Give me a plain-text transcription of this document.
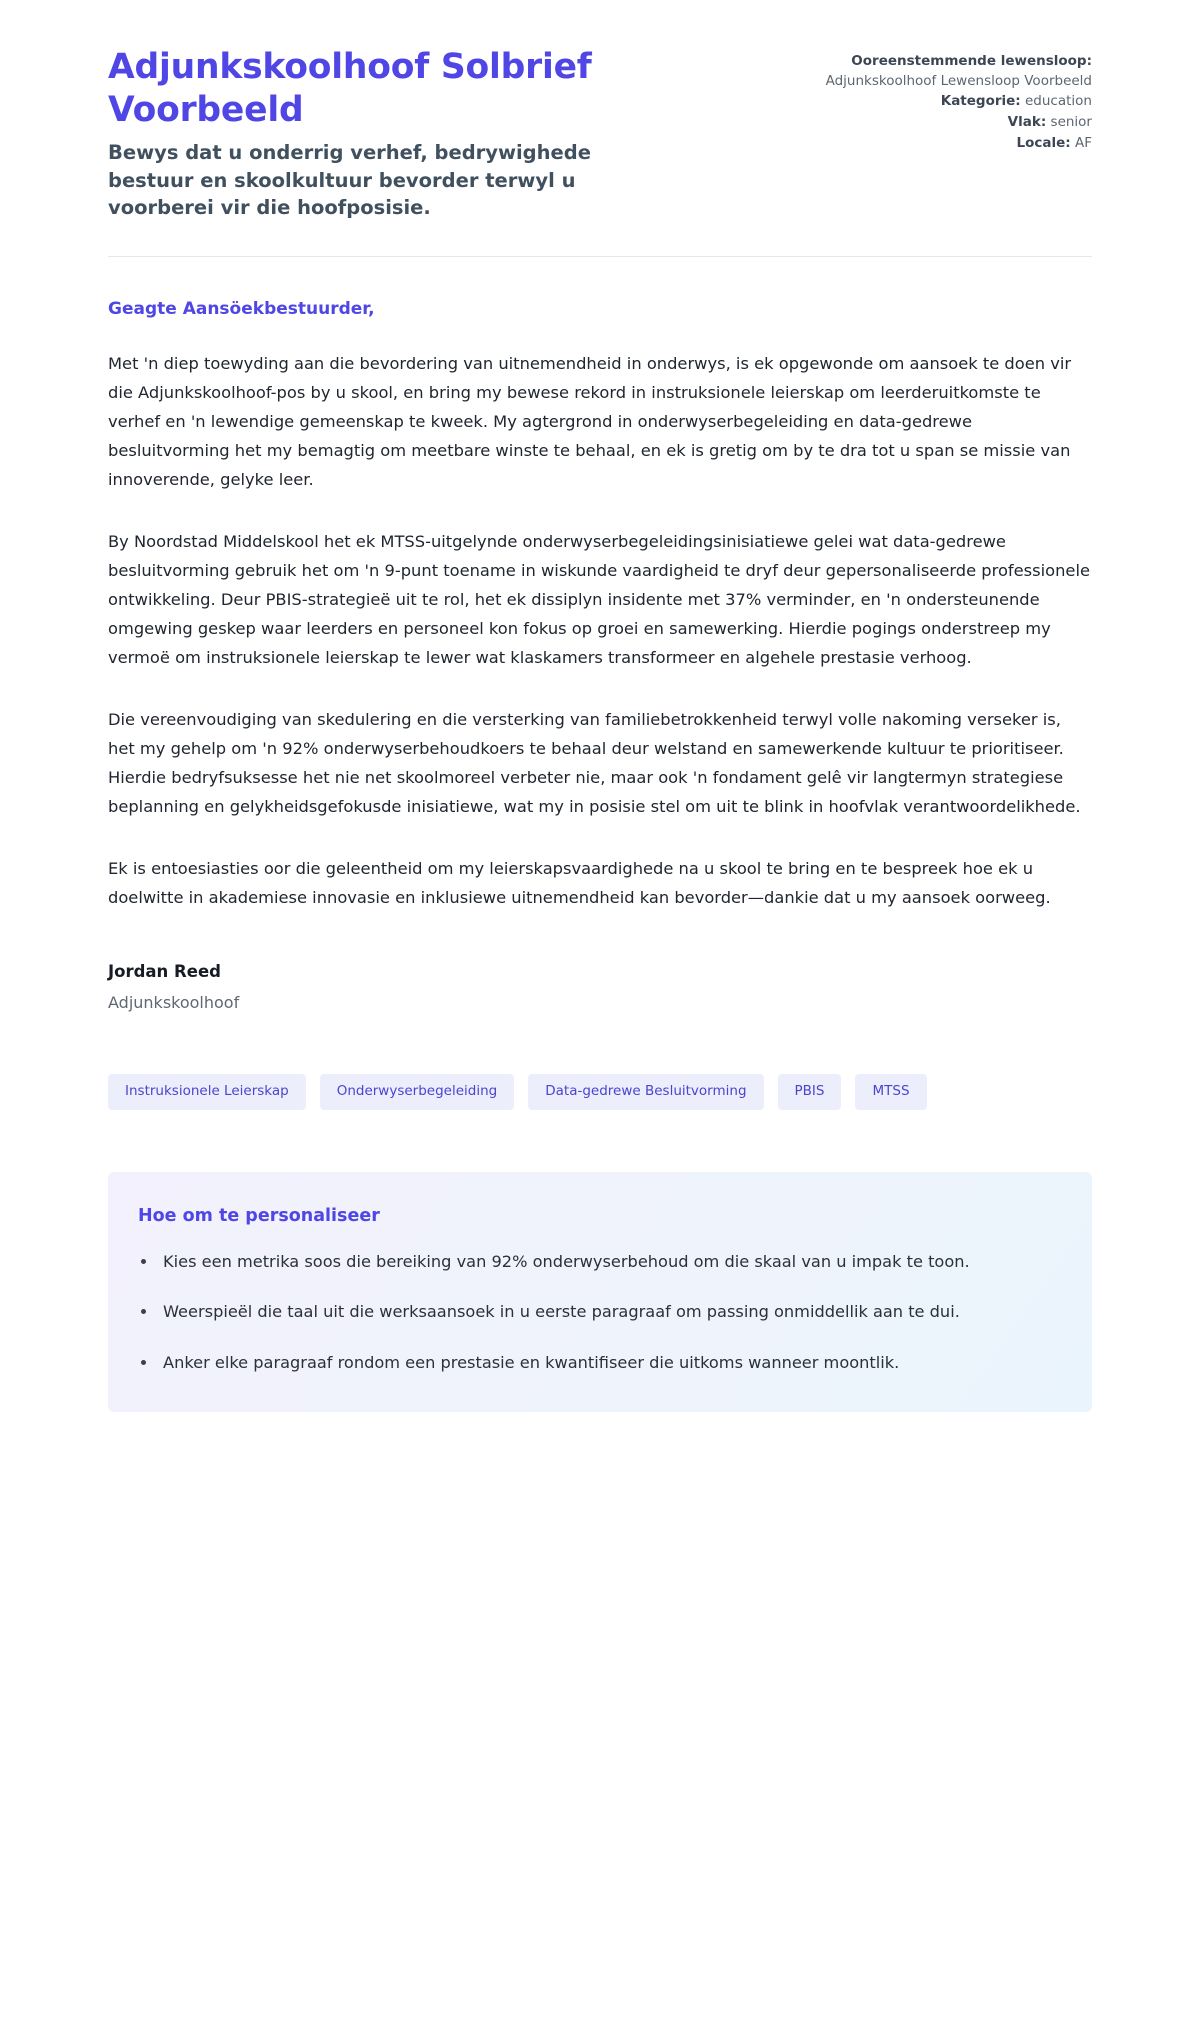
Adjunkskoolhoof Solbrief Voorbeeld

Bewys dat u onderrig verhef, bedrywighede bestuur en skoolkultuur bevorder terwyl u voorberei vir die hoofposisie.

Ooreenstemmende lewensloop: Adjunkskoolhoof Lewensloop Voorbeeld
Kategorie: education
Vlak: senior
Locale: AF

Geagte Aansöekbestuurder,

Met 'n diep toewyding aan die bevordering van uitnemendheid in onderwys, is ek opgewonde om aansoek te doen vir die Adjunkskoolhoof-pos by u skool, en bring my bewese rekord in instruksionele leierskap om leerderuitkomste te verhef en 'n lewendige gemeenskap te kweek. My agtergrond in onderwyserbegeleiding en data-gedrewe besluitvorming het my bemagtig om meetbare winste te behaal, en ek is gretig om by te dra tot u span se missie van innoverende, gelyke leer.

By Noordstad Middelskool het ek MTSS-uitgelynde onderwyserbegeleidingsinisiatiewe gelei wat data-gedrewe besluitvorming gebruik het om 'n 9-punt toename in wiskunde vaardigheid te dryf deur gepersonaliseerde professionele ontwikkeling. Deur PBIS-strategieë uit te rol, het ek dissiplyn insidente met 37% verminder, en 'n ondersteunende omgewing geskep waar leerders en personeel kon fokus op groei en samewerking. Hierdie pogings onderstreep my vermoë om instruksionele leierskap te lewer wat klaskamers transformeer en algehele prestasie verhoog.

Die vereenvoudiging van skedulering en die versterking van familiebetrokkenheid terwyl volle nakoming verseker is, het my gehelp om 'n 92% onderwyserbehoudkoers te behaal deur welstand en samewerkende kultuur te prioritiseer. Hierdie bedryfsuksesse het nie net skoolmoreel verbeter nie, maar ook 'n fondament gelê vir langtermyn strategiese beplanning en gelykheidsgefokusde inisiatiewe, wat my in posisie stel om uit te blink in hoofvlak verantwoordelikhede.

Ek is entoesiasties oor die geleentheid om my leierskapsvaardighede na u skool te bring en te bespreek hoe ek u doelwitte in akademiese innovasie en inklusiewe uitnemendheid kan bevorder—dankie dat u my aansoek oorweeg.

Jordan Reed

Adjunkskoolhoof

Instruksionele Leierskap	Onderwyserbegeleiding	Data-gedrewe Besluitvorming	PBIS	MTSS

Hoe om te personaliseer

Kies een metrika soos die bereiking van 92% onderwyserbehoud om die skaal van u impak te toon.
Weerspieël die taal uit die werksaansoek in u eerste paragraaf om passing onmiddellik aan te dui.
Anker elke paragraaf rondom een prestasie en kwantifiseer die uitkoms wanneer moontlik.
